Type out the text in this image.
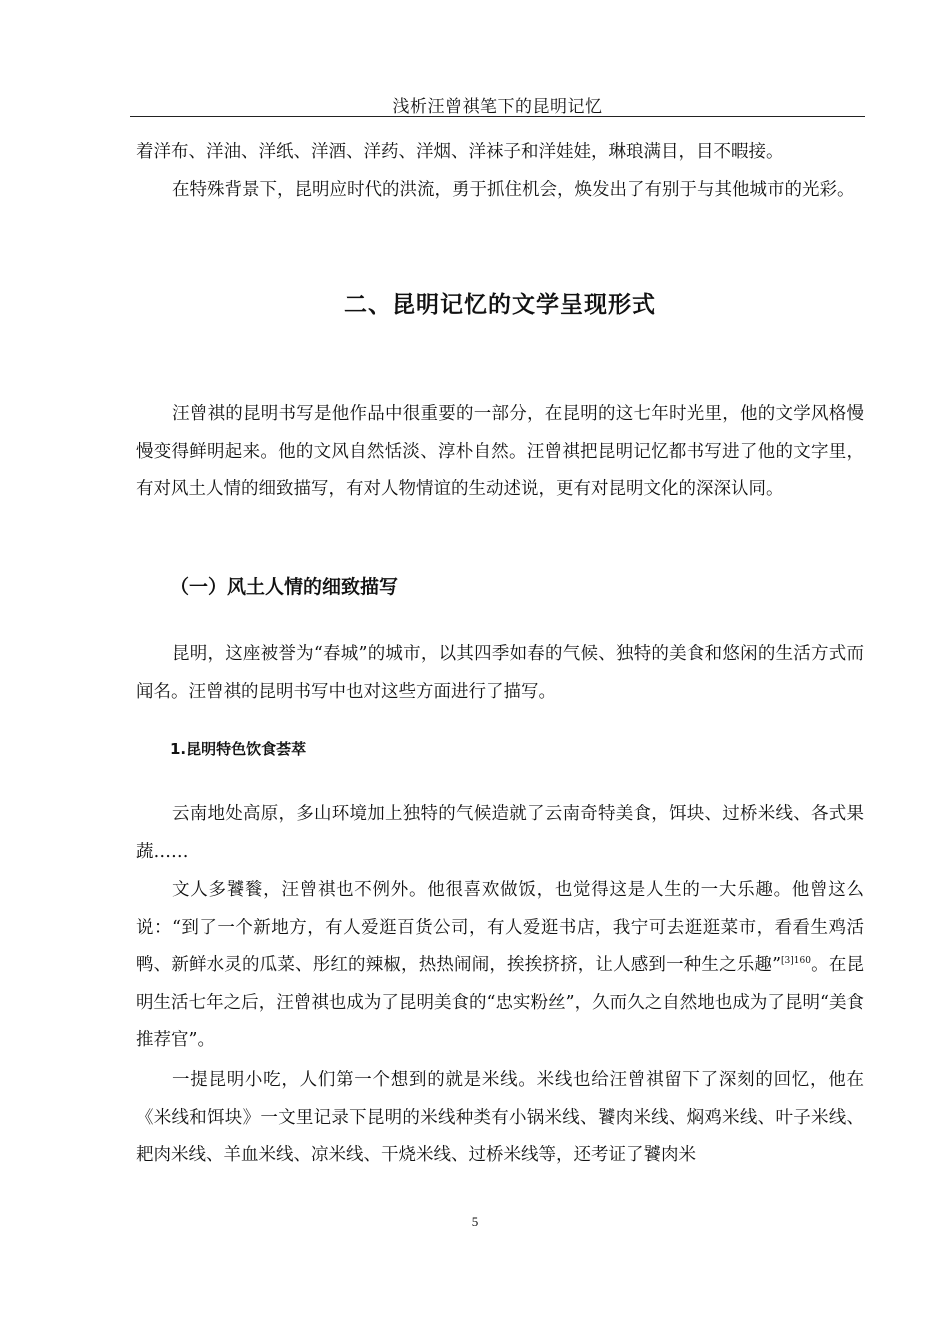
浅析汪曾祺笔下的昆明记忆

着洋布、洋油、洋纸、洋酒、洋药、洋烟、洋袜子和洋娃娃，琳琅满目，目不暇接。

在特殊背景下，昆明应时代的洪流，勇于抓住机会，焕发出了有别于与其他城市的光彩。

二、昆明记忆的文学呈现形式

汪曾祺的昆明书写是他作品中很重要的一部分，在昆明的这七年时光里，他的文学风格慢慢变得鲜明起来。他的文风自然恬淡、淳朴自然。汪曾祺把昆明记忆都书写进了他的文字里，有对风土人情的细致描写，有对人物情谊的生动述说，更有对昆明文化的深深认同。

（一）风土人情的细致描写

昆明，这座被誉为“春城”的城市，以其四季如春的气候、独特的美食和悠闲的生活方式而闻名。汪曾祺的昆明书写中也对这些方面进行了描写。

1.昆明特色饮食荟萃

云南地处高原，多山环境加上独特的气候造就了云南奇特美食，饵块、过桥米线、各式果蔬……

文人多饕餮，汪曾祺也不例外。他很喜欢做饭，也觉得这是人生的一大乐趣。他曾这么说：“到了一个新地方，有人爱逛百货公司，有人爱逛书店，我宁可去逛逛菜市，看看生鸡活鸭、新鲜水灵的瓜菜、彤红的辣椒，热热闹闹，挨挨挤挤，让人感到一种生之乐趣”$^{[3]160}$。在昆明生活七年之后，汪曾祺也成为了昆明美食的“忠实粉丝”，久而久之自然地也成为了昆明“美食推荐官”。

一提昆明小吃，人们第一个想到的就是米线。米线也给汪曾祺留下了深刻的回忆，他在《米线和饵块》一文里记录下昆明的米线种类有小锅米线、饕肉米线、焖鸡米线、叶子米线、耙肉米线、羊血米线、凉米线、干烧米线、过桥米线等，还考证了饕肉米

5
